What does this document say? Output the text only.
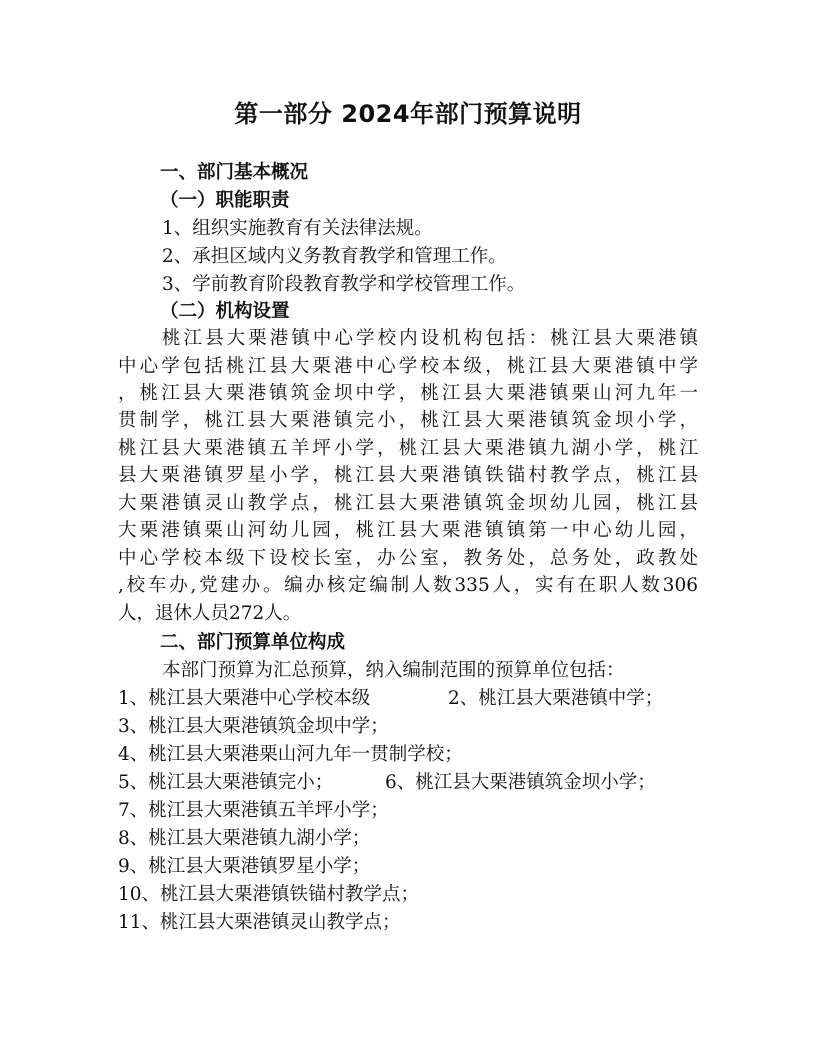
第一部分 2024年部门预算说明
一、部门基本概况
（一）职能职责
1、组织实施教育有关法律法规。
2、承担区域内义务教育教学和管理工作。
3、学前教育阶段教育教学和学校管理工作。
（二）机构设置
桃江县大栗港镇中心学校内设机构包括：桃江县大栗港镇
中心学包括桃江县大栗港中心学校本级，桃江县大栗港镇中学
，桃江县大栗港镇筑金坝中学，桃江县大栗港镇栗山河九年一
贯制学，桃江县大栗港镇完小，桃江县大栗港镇筑金坝小学，
桃江县大栗港镇五羊坪小学，桃江县大栗港镇九湖小学，桃江
县大栗港镇罗星小学，桃江县大栗港镇铁锚村教学点，桃江县
大栗港镇灵山教学点，桃江县大栗港镇筑金坝幼儿园，桃江县
大栗港镇栗山河幼儿园，桃江县大栗港镇镇第一中心幼儿园，
中心学校本级下设校长室，办公室，教务处，总务处，政教处
,校车办,党建办。编办核定编制人数335人，实有在职人数306
人，退休人员272人。
二、部门预算单位构成
本部门预算为汇总预算，纳入编制范围的预算单位包括：
1、桃江县大栗港中心学校本级	2、桃江县大栗港镇中学；
3、桃江县大栗港镇筑金坝中学；
4、桃江县大栗港栗山河九年一贯制学校；
5、桃江县大栗港镇完小；	6、桃江县大栗港镇筑金坝小学；
7、桃江县大栗港镇五羊坪小学；
8、桃江县大栗港镇九湖小学；
9、桃江县大栗港镇罗星小学；
10、桃江县大栗港镇铁锚村教学点；
11、桃江县大栗港镇灵山教学点；
